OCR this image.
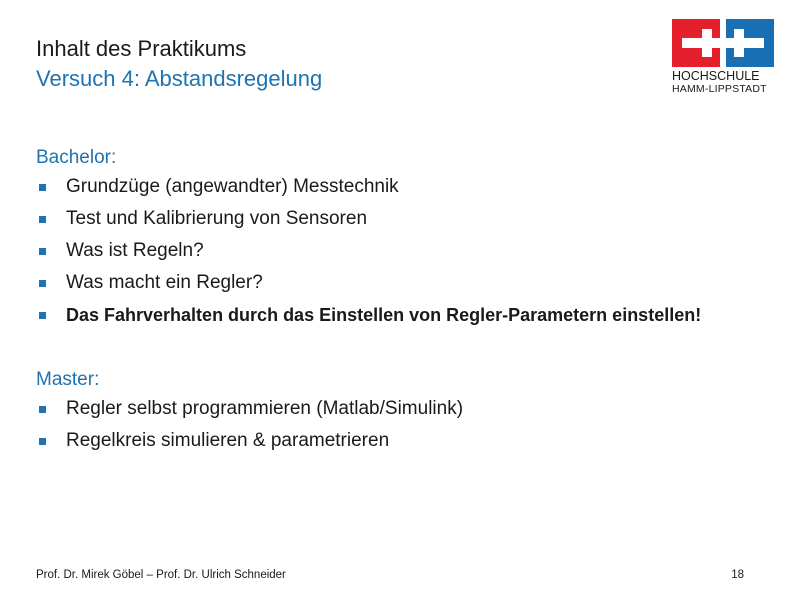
Inhalt des Praktikums
Versuch 4: Abstandsregelung	HOCHSCHULE
HAMM-LIPPSTADT
Bachelor:
Grundzüge (angewandter) Messtechnik
Test und Kalibrierung von Sensoren
Was ist Regeln?
Was macht ein Regler?
Das Fahrverhalten durch das Einstellen von Regler-Parametern einstellen!
Master:
Regler selbst programmieren (Matlab/Simulink)
Regelkreis simulieren & parametrieren
Prof. Dr. Mirek Göbel – Prof. Dr. Ulrich Schneider	18
